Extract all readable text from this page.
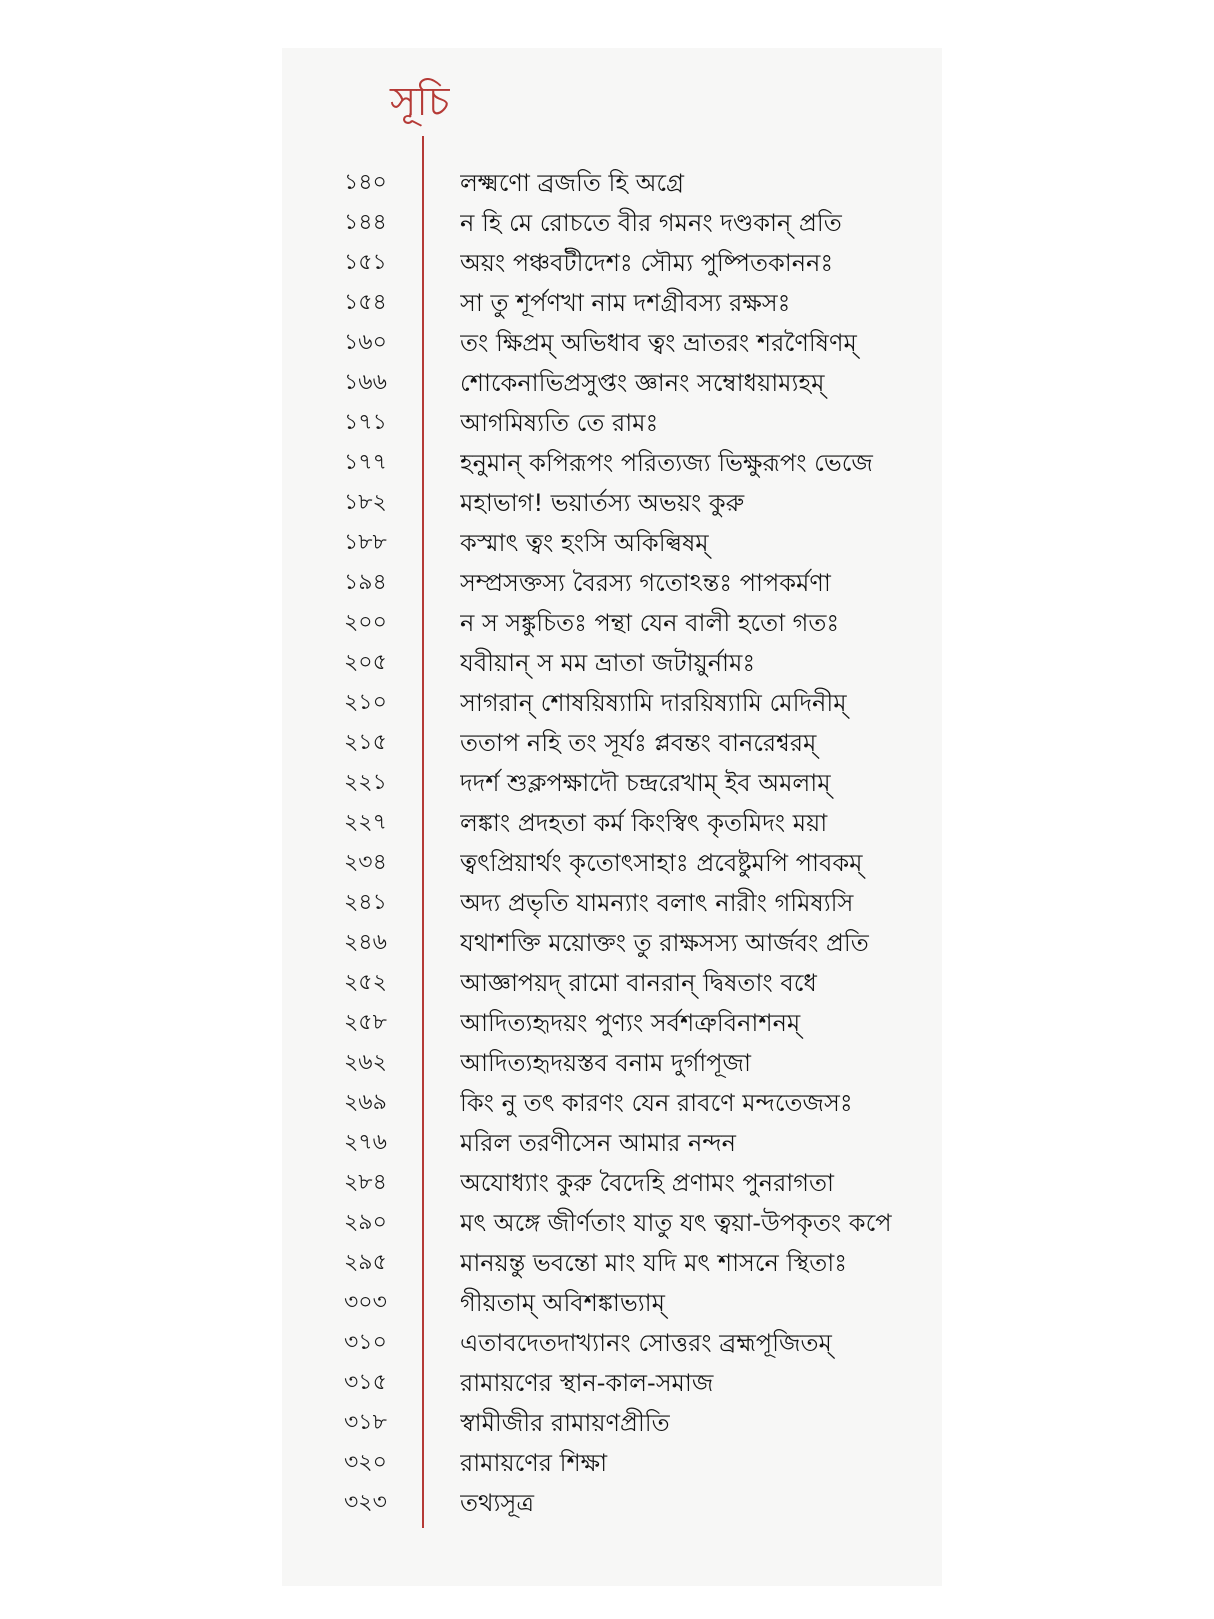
সূচি
১৪০	লক্ষ্মণো ব্রজতি হি অগ্রে
১৪৪	ন হি মে রোচতে বীর গমনং দণ্ডকান্ প্রতি
১৫১	অয়ং পঞ্চবটীদেশঃ সৌম্য পুষ্পিতকাননঃ
১৫৪	সা তু শূর্পণখা নাম দশগ্রীবস্য রক্ষসঃ
১৬০	তং ক্ষিপ্রম্ অভিধাব ত্বং ভ্রাতরং শরণৈষিণম্
১৬৬	শোকেনাভিপ্রসুপ্তং জ্ঞানং সম্বোধয়াম্যহম্
১৭১	আগমিষ্যতি তে রামঃ
১৭৭	হনুমান্ কপিরূপং পরিত্যজ্য ভিক্ষুরূপং ভেজে
১৮২	মহাভাগ! ভয়ার্তস্য অভয়ং কুরু
১৮৮	কস্মাৎ ত্বং হংসি অকিল্বিষম্
১৯৪	সম্প্রসক্তস্য বৈরস্য গতোঽন্তঃ পাপকর্মণা
২০০	ন স সঙ্কুচিতঃ পন্থা যেন বালী হতো গতঃ
২০৫	যবীয়ান্ স মম ভ্রাতা জটায়ুর্নামঃ
২১০	সাগরান্ শোষয়িষ্যামি দারয়িষ্যামি মেদিনীম্
২১৫	ততাপ নহি তং সূর্যঃ প্লবন্তং বানরেশ্বরম্
২২১	দদর্শ শুক্লপক্ষাদৌ চন্দ্ররেখাম্ ইব অমলাম্
২২৭	লঙ্কাং প্রদহতা কর্ম কিংস্বিৎ কৃতমিদং ময়া
২৩৪	ত্বৎপ্রিয়ার্থং কৃতোৎসাহাঃ প্রবেষ্টুমপি পাবকম্
২৪১	অদ্য প্রভৃতি যামন্যাং বলাৎ নারীং গমিষ্যসি
২৪৬	যথাশক্তি ময়োক্তং তু রাক্ষসস্য আর্জবং প্রতি
২৫২	আজ্ঞাপয়দ্ রামো বানরান্ দ্বিষতাং বধে
২৫৮	আদিত্যহৃদয়ং পুণ্যং সর্বশত্রুবিনাশনম্
২৬২	আদিত্যহৃদয়স্তব বনাম দুর্গাপূজা
২৬৯	কিং নু তৎ কারণং যেন রাবণে মন্দতেজসঃ
২৭৬	মরিল তরণীসেন আমার নন্দন
২৮৪	অযোধ্যাং কুরু বৈদেহি প্রণামং পুনরাগতা
২৯০	মৎ অঙ্গে জীর্ণতাং যাতু যৎ ত্বয়া-উপকৃতং কপে
২৯৫	মানয়ন্তু ভবন্তো মাং যদি মৎ শাসনে স্থিতাঃ
৩০৩	গীয়তাম্ অবিশঙ্কাভ্যাম্
৩১০	এতাবদেতদাখ্যানং সোত্তরং ব্রহ্মপূজিতম্
৩১৫	রামায়ণের স্থান-কাল-সমাজ
৩১৮	স্বামীজীর রামায়ণপ্রীতি
৩২০	রামায়ণের শিক্ষা
৩২৩	তথ্যসূত্র
